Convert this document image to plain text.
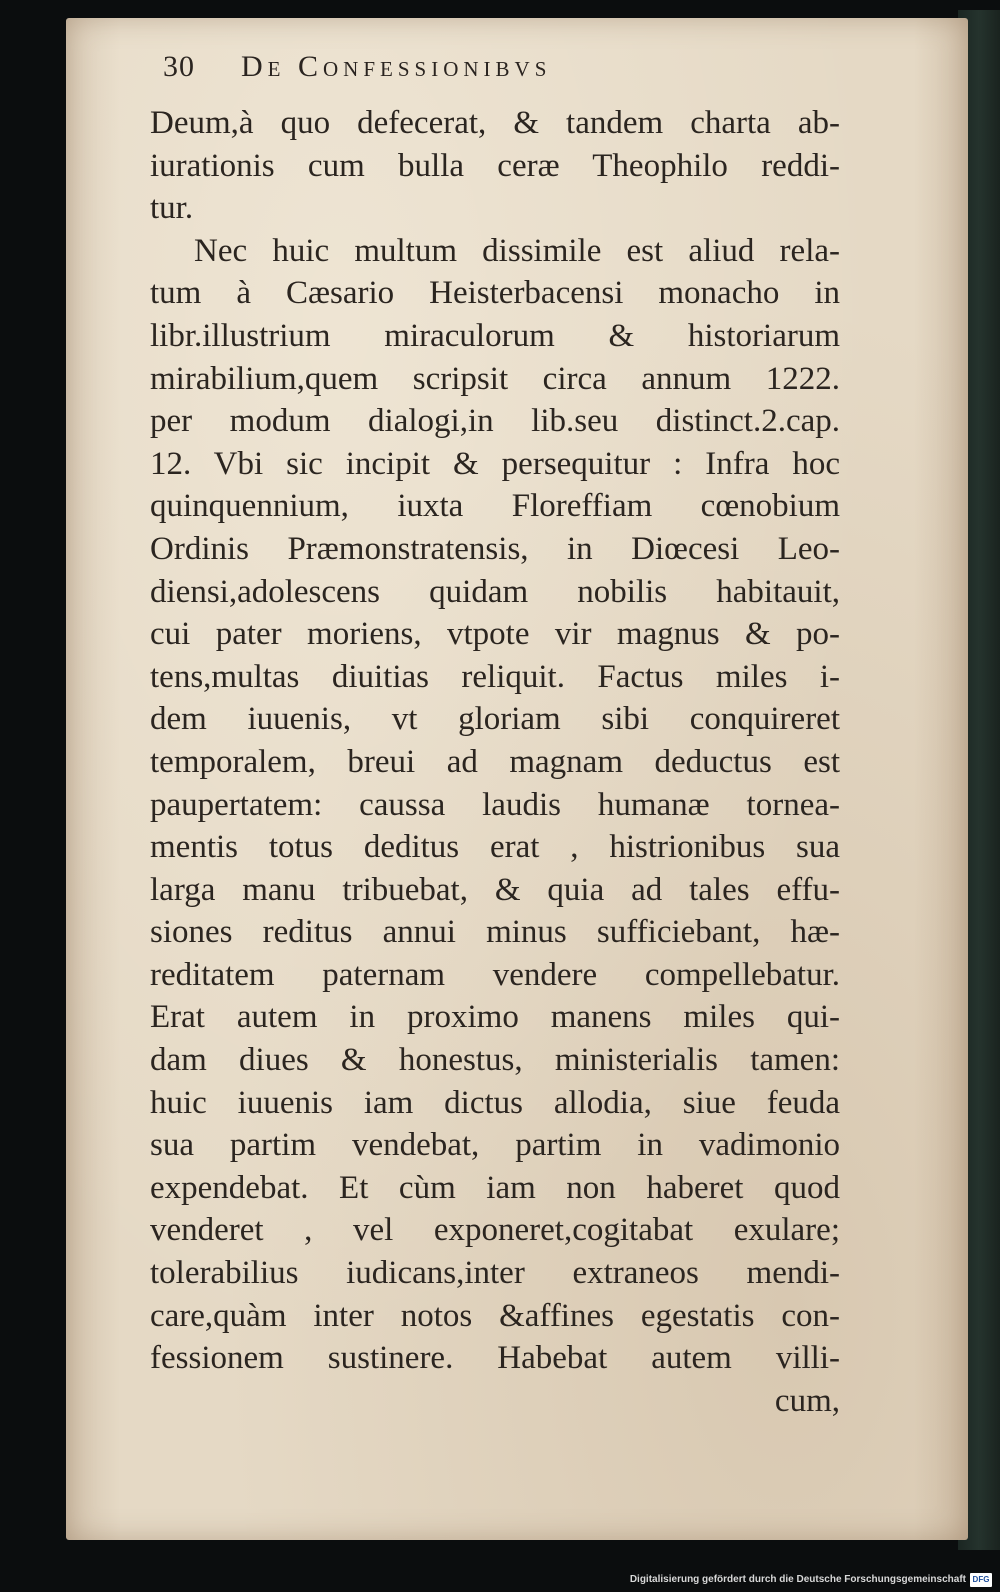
30 De Confessionibvs
Deum,à quo defecerat, & tandem charta ab-
iurationis cum bulla ceræ Theophilo reddi-
tur.
Nec huic multum dissimile est aliud rela-
tum à Cæsario Heisterbacensi monacho in
libr.illustrium miraculorum & historiarum
mirabilium,quem scripsit circa annum 1222.
per modum dialogi,in lib.seu distinct.2.cap.
12. Vbi sic incipit & persequitur : Infra hoc
quinquennium, iuxta Floreffiam cœnobium
Ordinis Præmonstratensis, in Diœcesi Leo-
diensi,adolescens quidam nobilis habitauit,
cui pater moriens, vtpote vir magnus & po-
tens,multas diuitias reliquit. Factus miles i-
dem iuuenis, vt gloriam sibi conquireret
temporalem, breui ad magnam deductus est
paupertatem: caussa laudis humanæ tornea-
mentis totus deditus erat , histrionibus sua
larga manu tribuebat, & quia ad tales effu-
siones reditus annui minus sufficiebant, hæ-
reditatem paternam vendere compellebatur.
Erat autem in proximo manens miles qui-
dam diues & honestus, ministerialis tamen:
huic iuuenis iam dictus allodia, siue feuda
sua partim vendebat, partim in vadimonio
expendebat. Et cùm iam non haberet quod
venderet , vel exponeret,cogitabat exulare;
tolerabilius iudicans,inter extraneos mendi-
care,quàm inter notos &affines egestatis con-
fessionem sustinere. Habebat autem villi-
cum,
Digitalisierung gefördert durch die Deutsche Forschungsgemeinschaft DFG
